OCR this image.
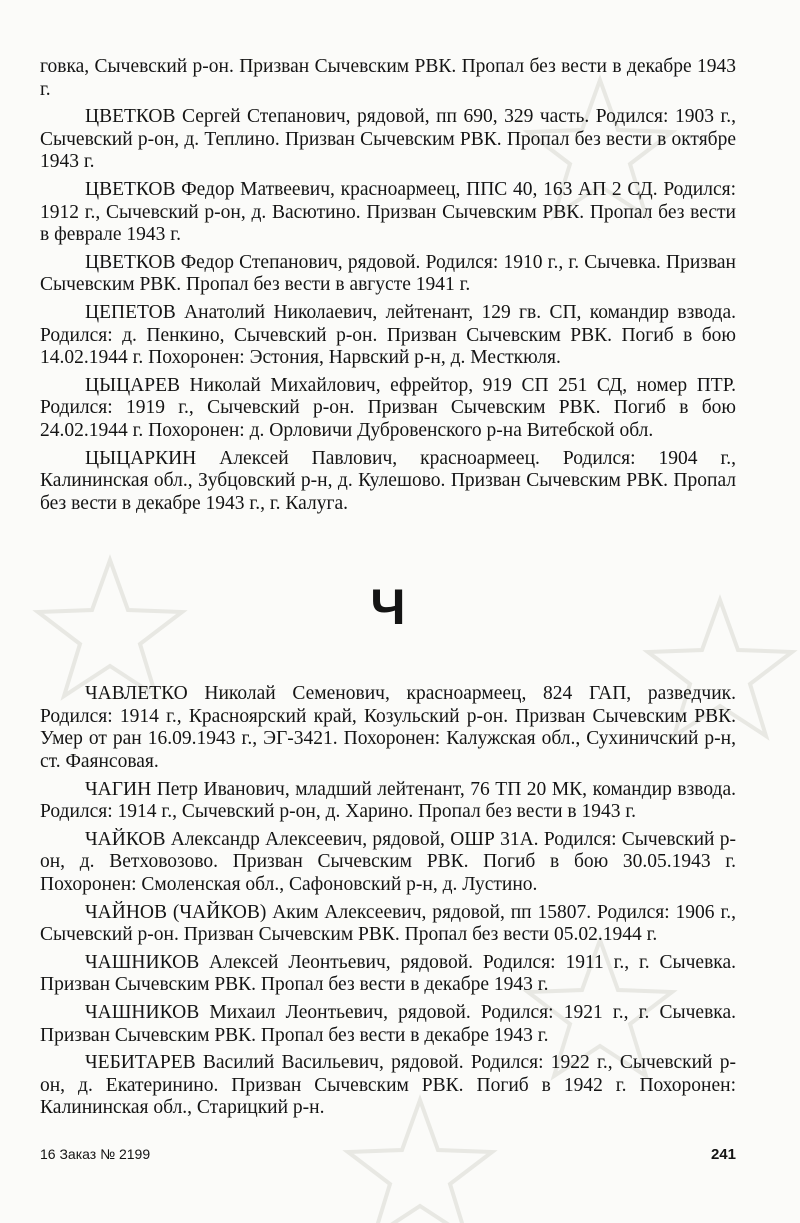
говка, Сычевский р-он. Призван Сычевским РВК. Пропал без вести в декабре 1943 г.

ЦВЕТКОВ Сергей Степанович, рядовой, пп 690, 329 часть. Родился: 1903 г., Сычевский р-он, д. Теплино. Призван Сычевским РВК. Пропал без вести в октябре 1943 г.

ЦВЕТКОВ Федор Матвеевич, красноармеец, ППС 40, 163 АП 2 СД. Родился: 1912 г., Сычевский р-он, д. Васютино. Призван Сычевским РВК. Пропал без вести в феврале 1943 г.

ЦВЕТКОВ Федор Степанович, рядовой. Родился: 1910 г., г. Сычевка. Призван Сычевским РВК. Пропал без вести в августе 1941 г.

ЦЕПЕТОВ Анатолий Николаевич, лейтенант, 129 гв. СП, командир взвода. Родился: д. Пенкино, Сычевский р-он. Призван Сычевским РВК. Погиб в бою 14.02.1944 г. Похоронен: Эстония, Нарвский р-н, д. Месткюля.

ЦЫЦАРЕВ Николай Михайлович, ефрейтор, 919 СП 251 СД, номер ПТР. Родился: 1919 г., Сычевский р-он. Призван Сычевским РВК. Погиб в бою 24.02.1944 г. Похоронен: д. Орловичи Дубровенского р-на Витебской обл.

ЦЫЦАРКИН Алексей Павлович, красноармеец. Родился: 1904 г., Калининская обл., Зубцовский р-н, д. Кулешово. Призван Сычевским РВК. Пропал без вести в декабре 1943 г., г. Калуга.

Ч

ЧАВЛЕТКО Николай Семенович, красноармеец, 824 ГАП, разведчик. Родился: 1914 г., Красноярский край, Козульский р-он. Призван Сычевским РВК. Умер от ран 16.09.1943 г., ЭГ-3421. Похоронен: Калужская обл., Сухиничский р-н, ст. Фаянсовая.

ЧАГИН Петр Иванович, младший лейтенант, 76 ТП 20 МК, командир взвода. Родился: 1914 г., Сычевский р-он, д. Харино. Пропал без вести в 1943 г.

ЧАЙКОВ Александр Алексеевич, рядовой, ОШР 31А. Родился: Сычевский р-он, д. Ветховозово. Призван Сычевским РВК. Погиб в бою 30.05.1943 г. Похоронен: Смоленская обл., Сафоновский р-н, д. Лустино.

ЧАЙНОВ (ЧАЙКОВ) Аким Алексеевич, рядовой, пп 15807. Родился: 1906 г., Сычевский р-он. Призван Сычевским РВК. Пропал без вести 05.02.1944 г.

ЧАШНИКОВ Алексей Леонтьевич, рядовой. Родился: 1911 г., г. Сычевка. Призван Сычевским РВК. Пропал без вести в декабре 1943 г.

ЧАШНИКОВ Михаил Леонтьевич, рядовой. Родился: 1921 г., г. Сычевка. Призван Сычевским РВК. Пропал без вести в декабре 1943 г.

ЧЕБИТАРЕВ Василий Васильевич, рядовой. Родился: 1922 г., Сычевский р-он, д. Екатеринино. Призван Сычевским РВК. Погиб в 1942 г. Похоронен: Калининская обл., Старицкий р-н.

16 Заказ № 2199	241
